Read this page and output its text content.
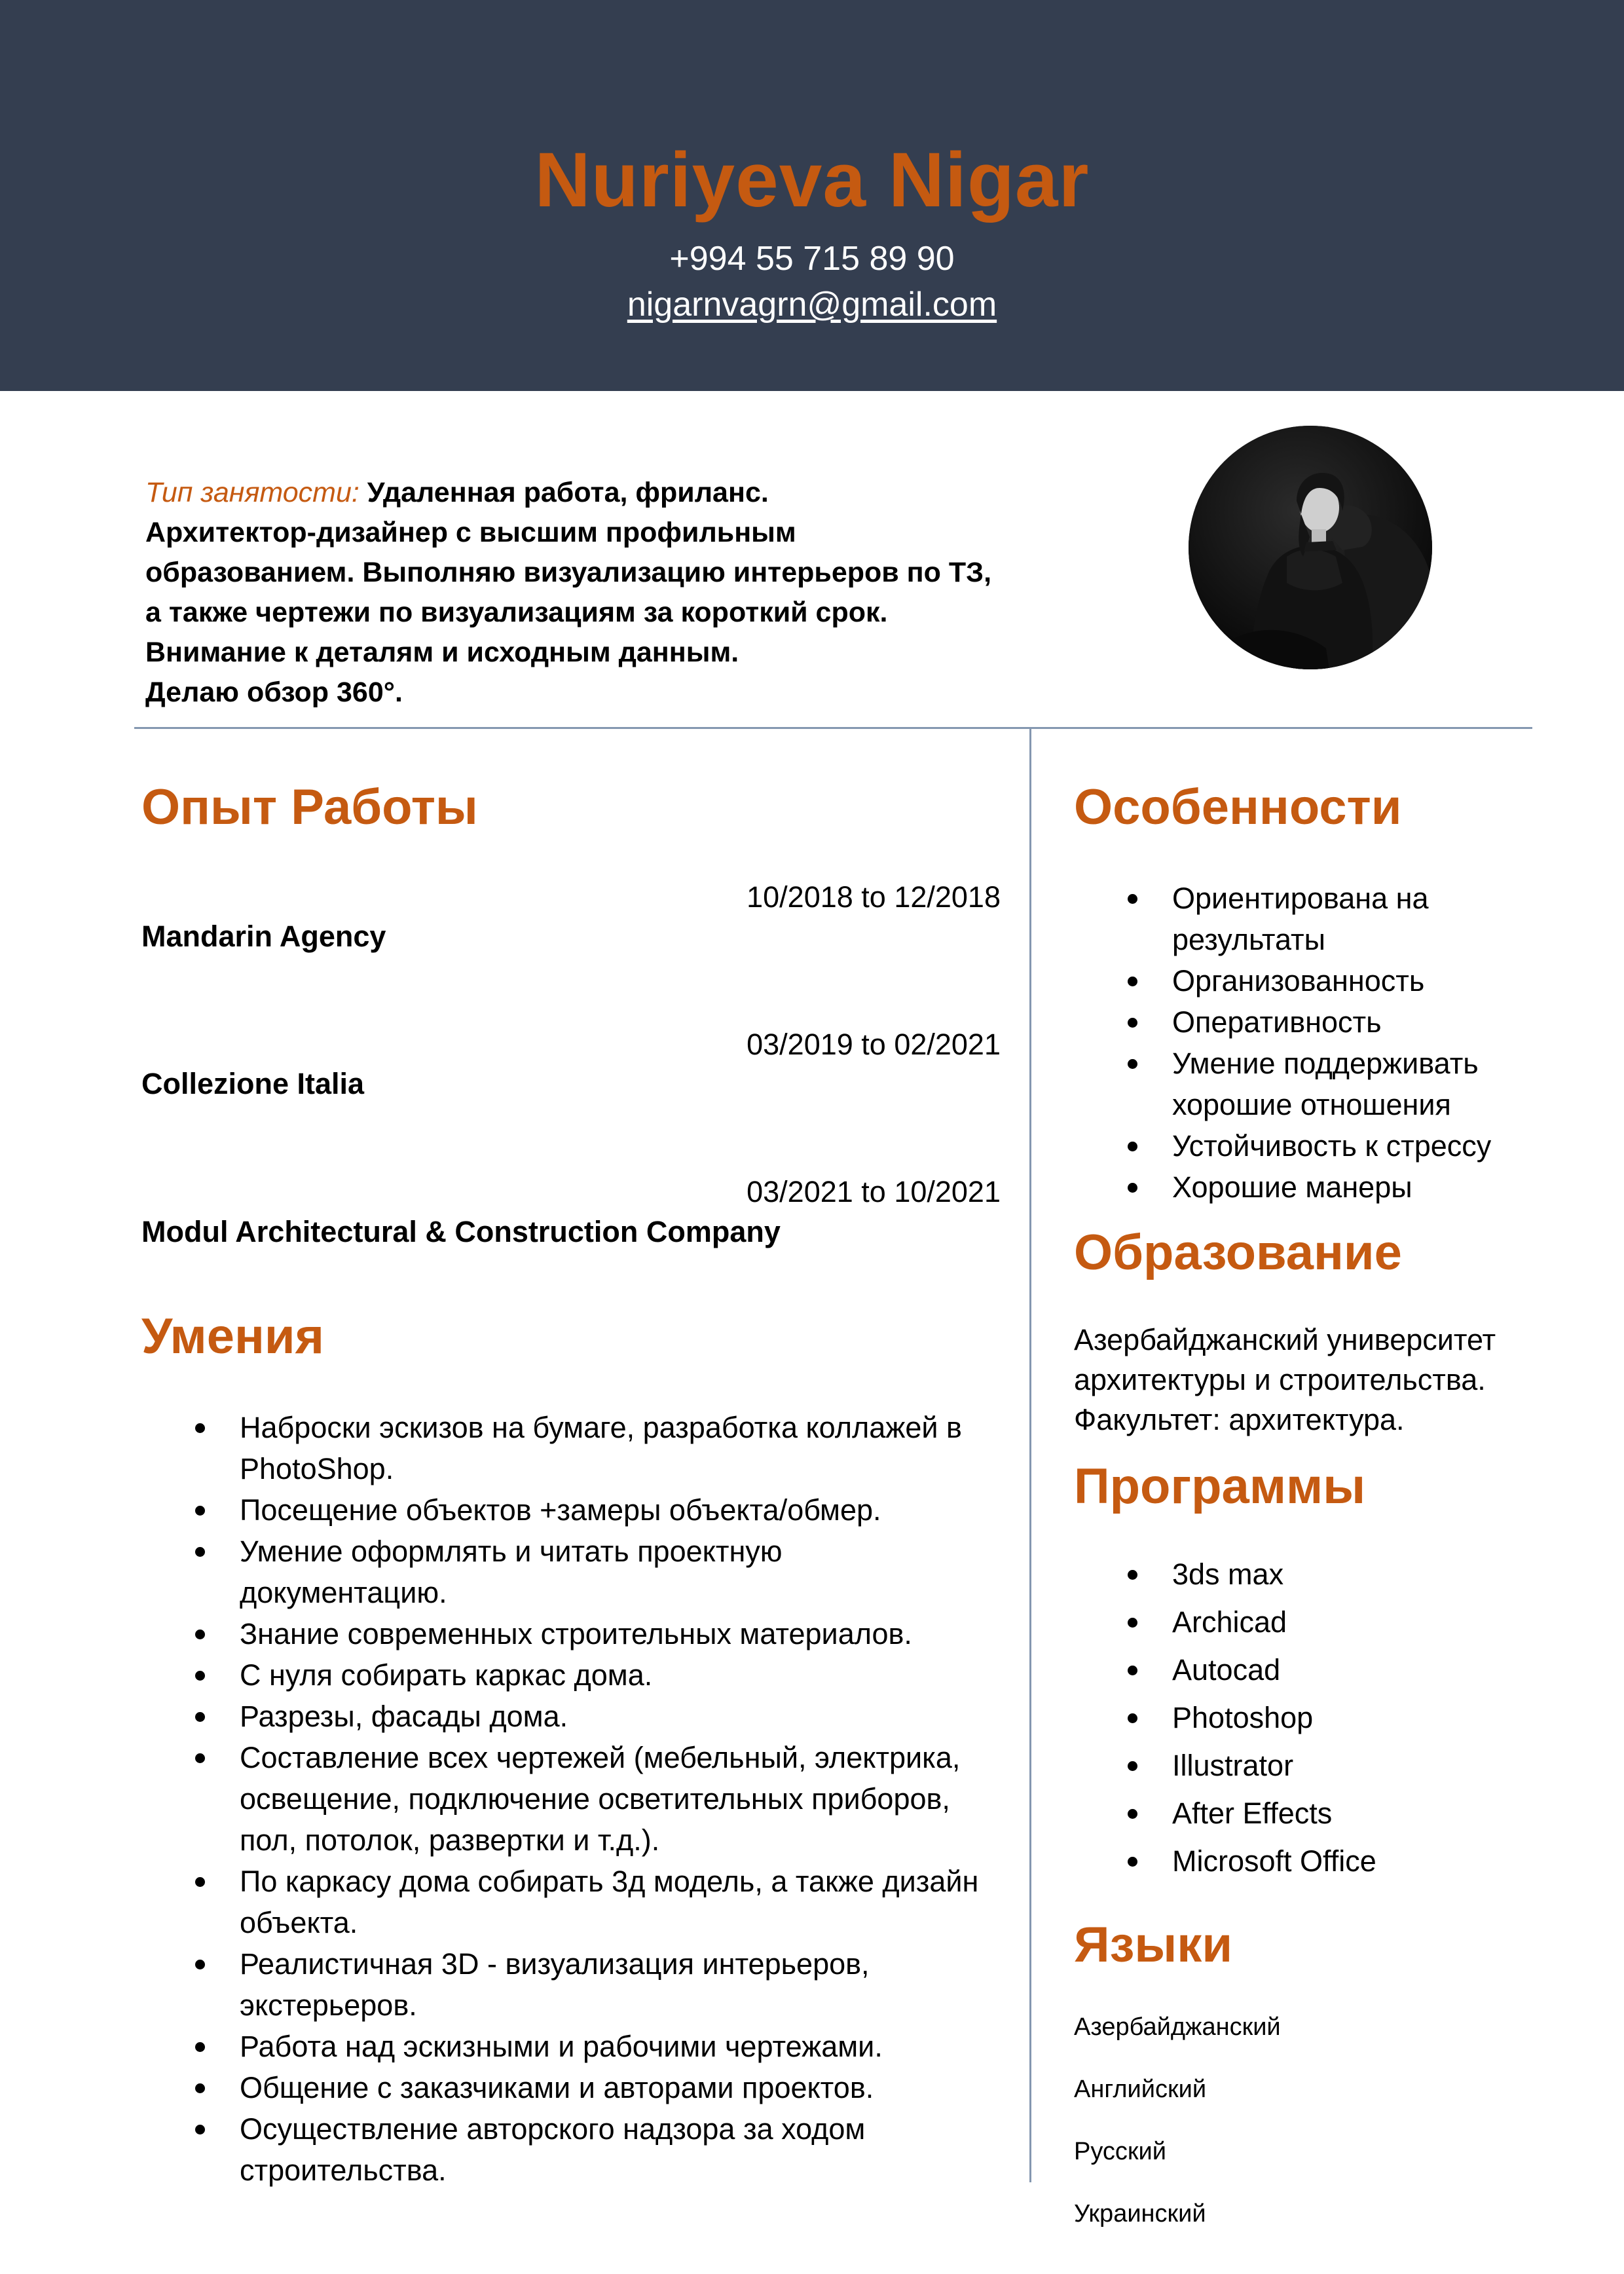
Nuriyeva Nigar
+994 55 715 89 90
nigarnvagrn@gmail.com
Тип занятости: Удаленная работа, фриланс.
Архитектор-дизайнер с высшим профильным
образованием. Выполняю визуализацию интерьеров по ТЗ,
а также чертежи по визуализациям за короткий срок.
Внимание к деталям и исходным данным.
Делаю обзор 360°.
Опыт Работы
10/2018 to 12/2018
Mandarin Agency
03/2019 to 02/2021
Collezione Italia
03/2021 to 10/2021
Modul Architectural & Construction Company
Умения
Наброски эскизов на бумаге, разработка коллажей в
PhotoShop.
Посещение объектов +замеры объекта/обмер.
Умение оформлять и читать проектную
документацию.
Знание современных строительных материалов.
С нуля собирать каркас дома.
Разрезы, фасады дома.
Составление всех чертежей (мебельный, электрика,
освещение, подключение осветительных приборов,
пол, потолок, развертки и т.д.).
По каркасу дома собирать 3д модель, а также дизайн
объекта.
Реалистичная 3D - визуализация интерьеров,
экстерьеров.
Работа над эскизными и рабочими чертежами.
Общение с заказчиками и авторами проектов.
Осуществление авторского надзора за ходом
строительства.
Особенности
Ориентирована на
результаты
Организованность
Оперативность
Умение поддерживать
хорошие отношения
Устойчивость к стрессу
Хорошие манеры
Образование
Азербайджанский университет
архитектуры и строительства.
Факультет: архитектура.
Программы
3ds max
Archicad
Autocad
Photoshop
Illustrator
After Effects
Microsoft Office
Языки
Азербайджанский
Английский
Русский
Украинский
